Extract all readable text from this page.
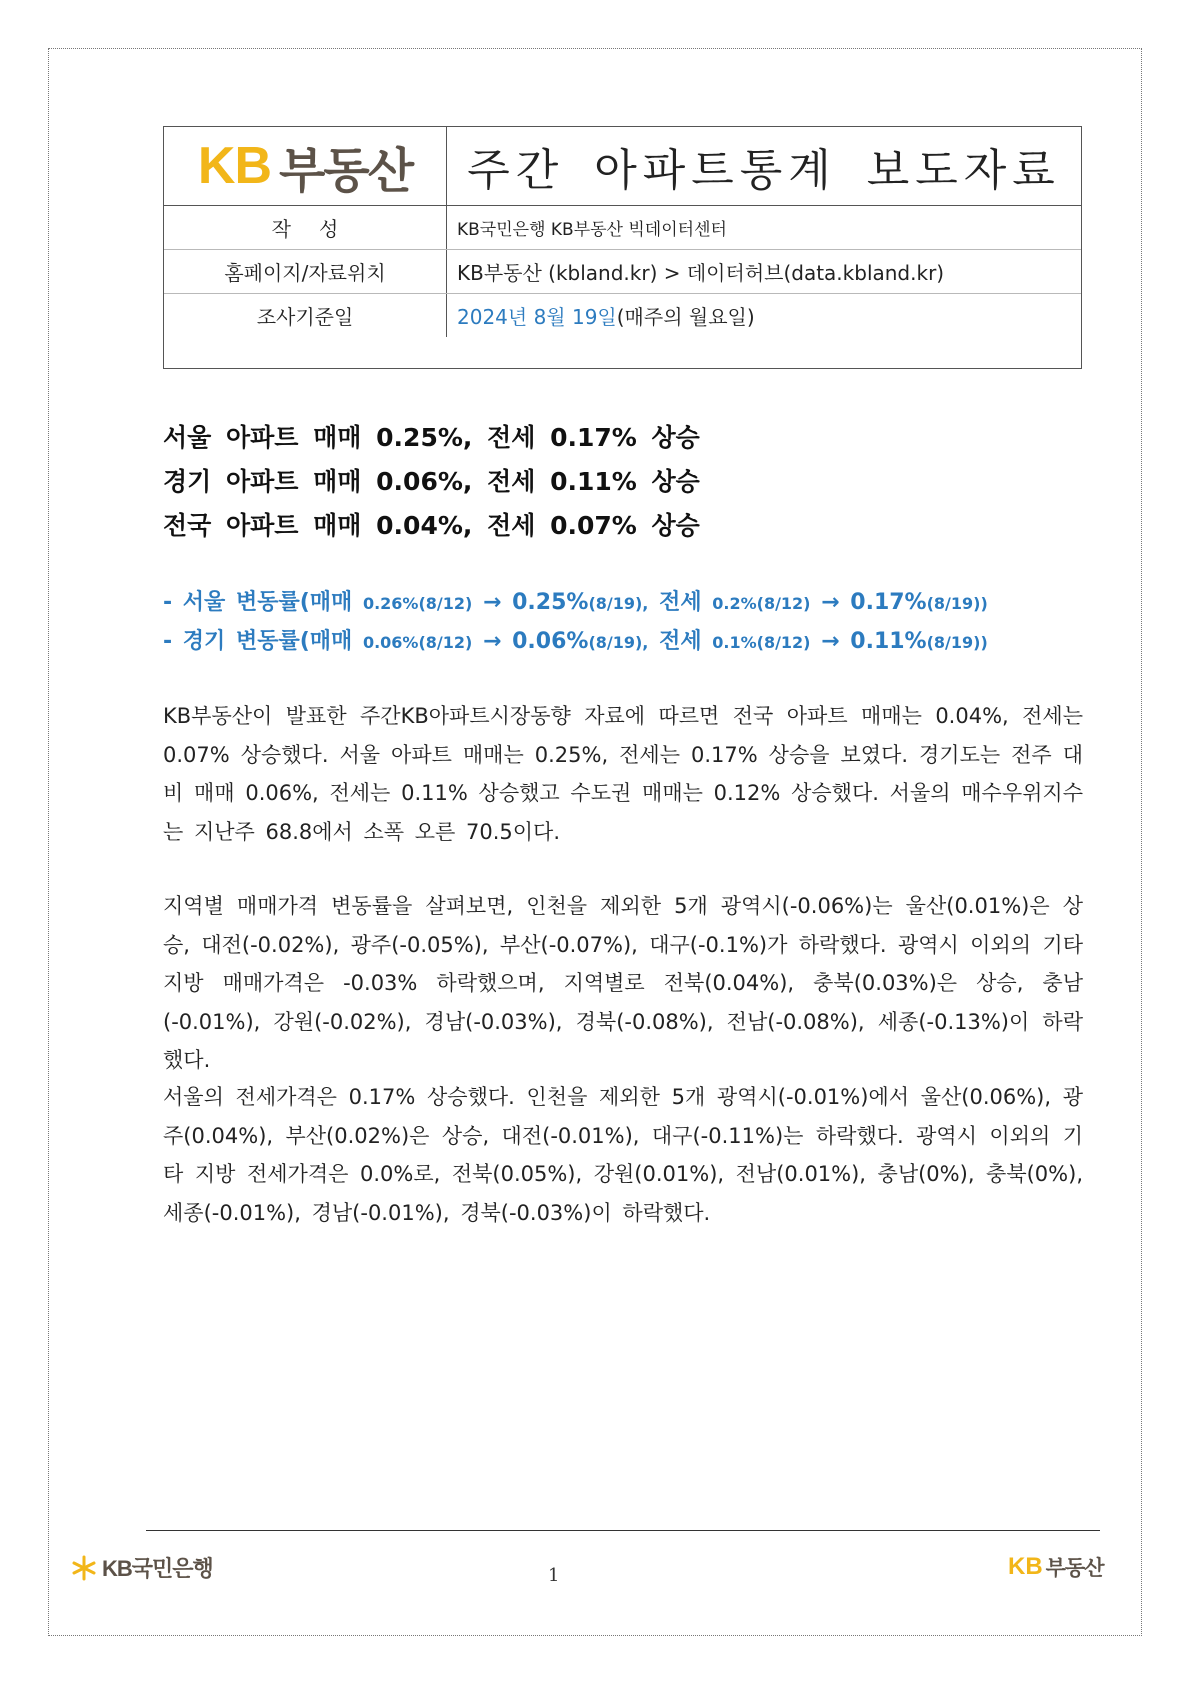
KB 부동산	주간 아파트통계 보도자료
작성	KB국민은행 KB부동산 빅데이터센터
홈페이지/자료위치	KB부동산 (kbland.kr) > 데이터허브(data.kbland.kr)
조사기준일	2024년 8월 19일 (매주의 월요일)
서울 아파트 매매 0.25%, 전세 0.17% 상승
경기 아파트 매매 0.06%, 전세 0.11% 상승
전국 아파트 매매 0.04%, 전세 0.07% 상승
- 서울 변동률(매매 0.26%(8/12) → 0.25%(8/19), 전세 0.2%(8/12) → 0.17%(8/19))
- 경기 변동률(매매 0.06%(8/12) → 0.06%(8/19), 전세 0.1%(8/12) → 0.11%(8/19))
KB부동산이 발표한 주간KB아파트시장동향 자료에 따르면 전국 아파트 매매는 0.04%, 전세는 0.07% 상승했다. 서울 아파트 매매는 0.25%, 전세는 0.17% 상승을 보였다. 경기도는 전주 대비 매매 0.06%, 전세는 0.11% 상승했고 수도권 매매는 0.12% 상승했다. 서울의 매수우위지수는 지난주 68.8에서 소폭 오른 70.5이다.
지역별 매매가격 변동률을 살펴보면, 인천을 제외한 5개 광역시(-0.06%)는 울산(0.01%)은 상승, 대전(-0.02%), 광주(-0.05%), 부산(-0.07%), 대구(-0.1%)가 하락했다. 광역시 이외의 기타 지방 매매가격은 -0.03% 하락했으며, 지역별로 전북(0.04%), 충북(0.03%)은 상승, 충남(-0.01%), 강원(-0.02%), 경남(-0.03%), 경북(-0.08%), 전남(-0.08%), 세종(-0.13%)이 하락했다.
서울의 전세가격은 0.17% 상승했다. 인천을 제외한 5개 광역시(-0.01%)에서 울산(0.06%), 광주(0.04%), 부산(0.02%)은 상승, 대전(-0.01%), 대구(-0.11%)는 하락했다. 광역시 이외의 기타 지방 전세가격은 0.0%로, 전북(0.05%), 강원(0.01%), 전남(0.01%), 충남(0%), 충북(0%), 세종(-0.01%), 경남(-0.01%), 경북(-0.03%)이 하락했다.
KB국민은행	1	KB 부동산
